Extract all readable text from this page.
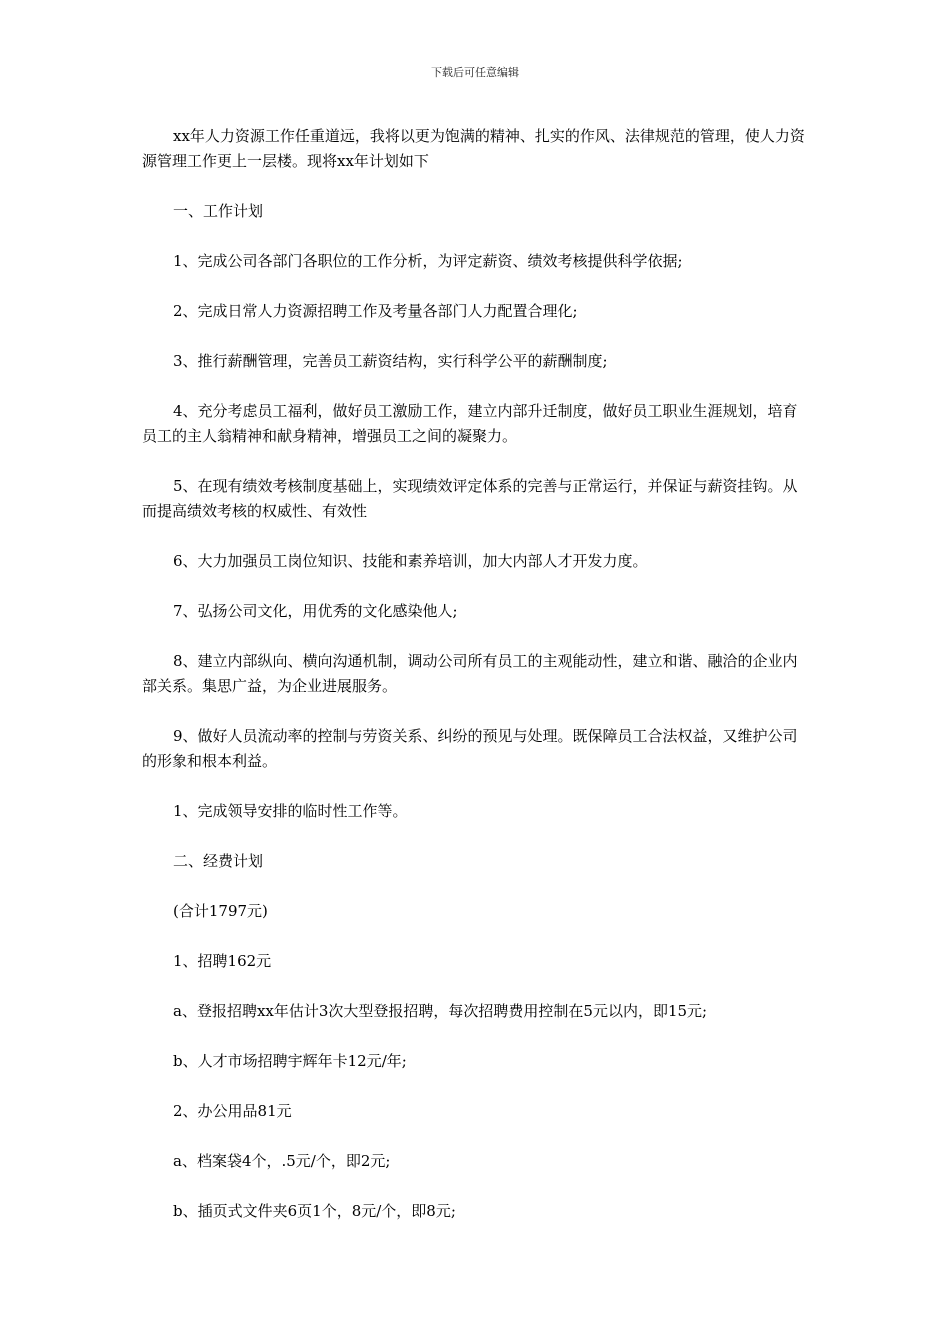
下载后可任意编辑

xx年人力资源工作任重道远，我将以更为饱满的精神、扎实的作风、法律规范的管理，使人力资源管理工作更上一层楼。现将xx年计划如下

一、工作计划

1、完成公司各部门各职位的工作分析，为评定薪资、绩效考核提供科学依据;

2、完成日常人力资源招聘工作及考量各部门人力配置合理化;

3、推行薪酬管理，完善员工薪资结构，实行科学公平的薪酬制度;

4、充分考虑员工福利，做好员工激励工作，建立内部升迁制度，做好员工职业生涯规划，培育员工的主人翁精神和献身精神，增强员工之间的凝聚力。

5、在现有绩效考核制度基础上，实现绩效评定体系的完善与正常运行，并保证与薪资挂钩。从而提高绩效考核的权威性、有效性

6、大力加强员工岗位知识、技能和素养培训，加大内部人才开发力度。

7、弘扬公司文化，用优秀的文化感染他人;

8、建立内部纵向、横向沟通机制，调动公司所有员工的主观能动性，建立和谐、融洽的企业内部关系。集思广益，为企业进展服务。

9、做好人员流动率的控制与劳资关系、纠纷的预见与处理。既保障员工合法权益，又维护公司的形象和根本利益。

1、完成领导安排的临时性工作等。

二、经费计划

(合计1797元)

1、招聘162元

a、登报招聘xx年估计3次大型登报招聘，每次招聘费用控制在5元以内，即15元;

b、人才市场招聘宇辉年卡12元/年;

2、办公用品81元

a、档案袋4个，.5元/个，即2元;

b、插页式文件夹6页1个，8元/个，即8元;
